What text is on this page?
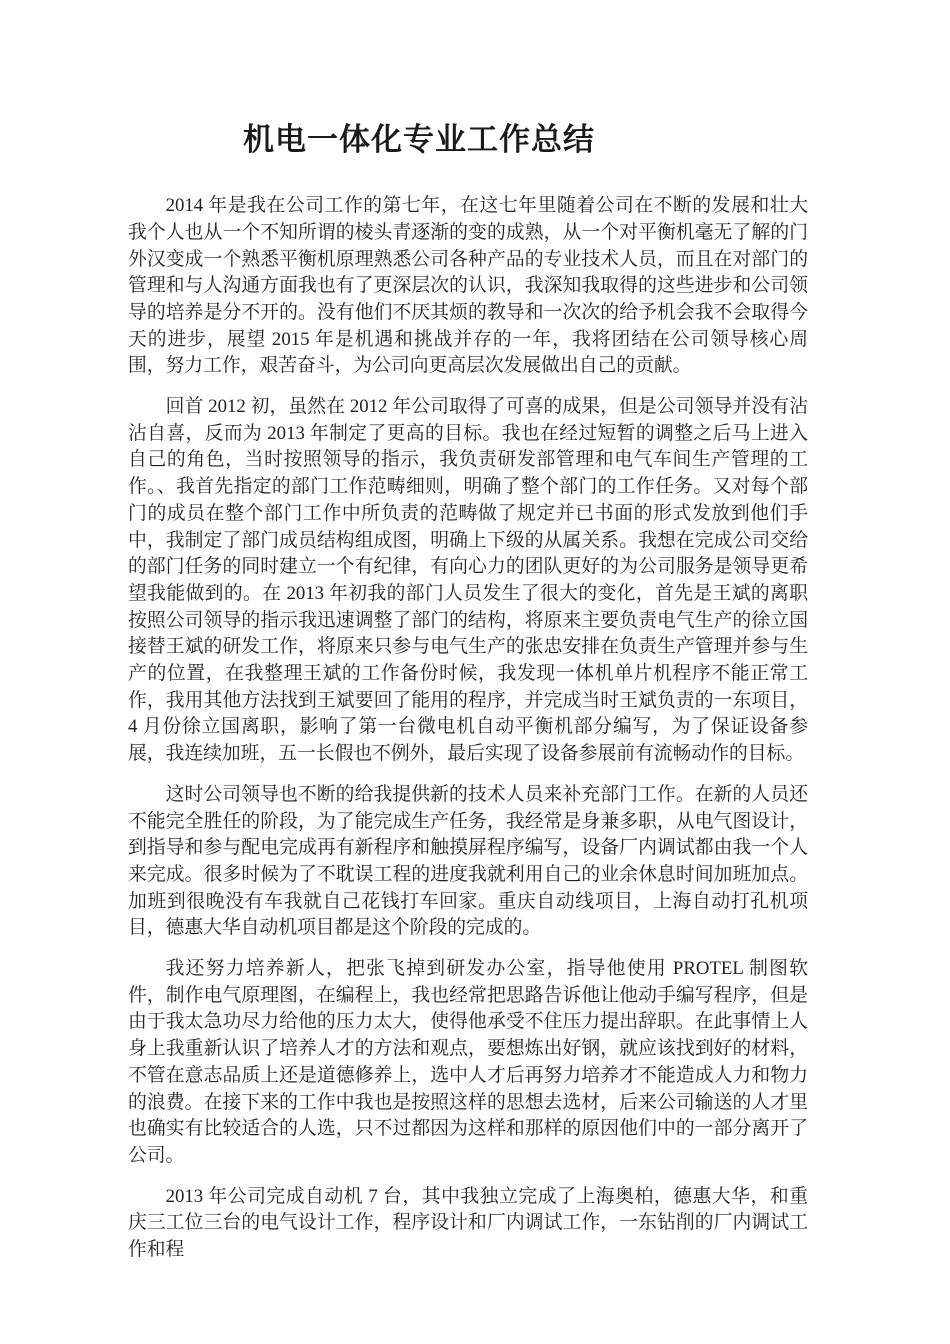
机电一体化专业工作总结

2014 年是我在公司工作的第七年，在这七年里随着公司在不断的发展和壮大我个人也从一个不知所谓的棱头青逐渐的变的成熟，从一个对平衡机毫无了解的门外汉变成一个熟悉平衡机原理熟悉公司各种产品的专业技术人员，而且在对部门的管理和与人沟通方面我也有了更深层次的认识，我深知我取得的这些进步和公司领导的培养是分不开的。没有他们不厌其烦的教导和一次次的给予机会我不会取得今天的进步，展望 2015 年是机遇和挑战并存的一年，我将团结在公司领导核心周围，努力工作，艰苦奋斗，为公司向更高层次发展做出自己的贡献。

回首 2012 初，虽然在 2012 年公司取得了可喜的成果，但是公司领导并没有沾沾自喜，反而为 2013 年制定了更高的目标。我也在经过短暂的调整之后马上进入自己的角色，当时按照领导的指示，我负责研发部管理和电气车间生产管理的工作。、我首先指定的部门工作范畴细则，明确了整个部门的工作任务。又对每个部门的成员在整个部门工作中所负责的范畴做了规定并已书面的形式发放到他们手中，我制定了部门成员结构组成图，明确上下级的从属关系。我想在完成公司交给的部门任务的同时建立一个有纪律，有向心力的团队更好的为公司服务是领导更希望我能做到的。在 2013 年初我的部门人员发生了很大的变化，首先是王斌的离职按照公司领导的指示我迅速调整了部门的结构，将原来主要负责电气生产的徐立国接替王斌的研发工作，将原来只参与电气生产的张忠安排在负责生产管理并参与生产的位置，在我整理王斌的工作备份时候，我发现一体机单片机程序不能正常工作，我用其他方法找到王斌要回了能用的程序，并完成当时王斌负责的一东项目， 4 月份徐立国离职，影响了第一台微电机自动平衡机部分编写，为了保证设备参展，我连续加班，五一长假也不例外，最后实现了设备参展前有流畅动作的目标。

这时公司领导也不断的给我提供新的技术人员来补充部门工作。在新的人员还不能完全胜任的阶段，为了能完成生产任务，我经常是身兼多职，从电气图设计，到指导和参与配电完成再有新程序和触摸屏程序编写，设备厂内调试都由我一个人来完成。很多时候为了不耽误工程的进度我就利用自己的业余休息时间加班加点。加班到很晚没有车我就自己花钱打车回家。重庆自动线项目，上海自动打孔机项目，德惠大华自动机项目都是这个阶段的完成的。

我还努力培养新人，把张飞掉到研发办公室，指导他使用 PROTEL 制图软件，制作电气原理图，在编程上，我也经常把思路告诉他让他动手编写程序，但是由于我太急功尽力给他的压力太大，使得他承受不住压力提出辞职。在此事情上人身上我重新认识了培养人才的方法和观点，要想炼出好钢，就应该找到好的材料，不管在意志品质上还是道德修养上，选中人才后再努力培养才不能造成人力和物力的浪费。在接下来的工作中我也是按照这样的思想去选材，后来公司输送的人才里也确实有比较适合的人选，只不过都因为这样和那样的原因他们中的一部分离开了公司。

2013 年公司完成自动机 7 台，其中我独立完成了上海奥柏，德惠大华，和重庆三工位三台的电气设计工作，程序设计和厂内调试工作，一东钻削的厂内调试工作和程
